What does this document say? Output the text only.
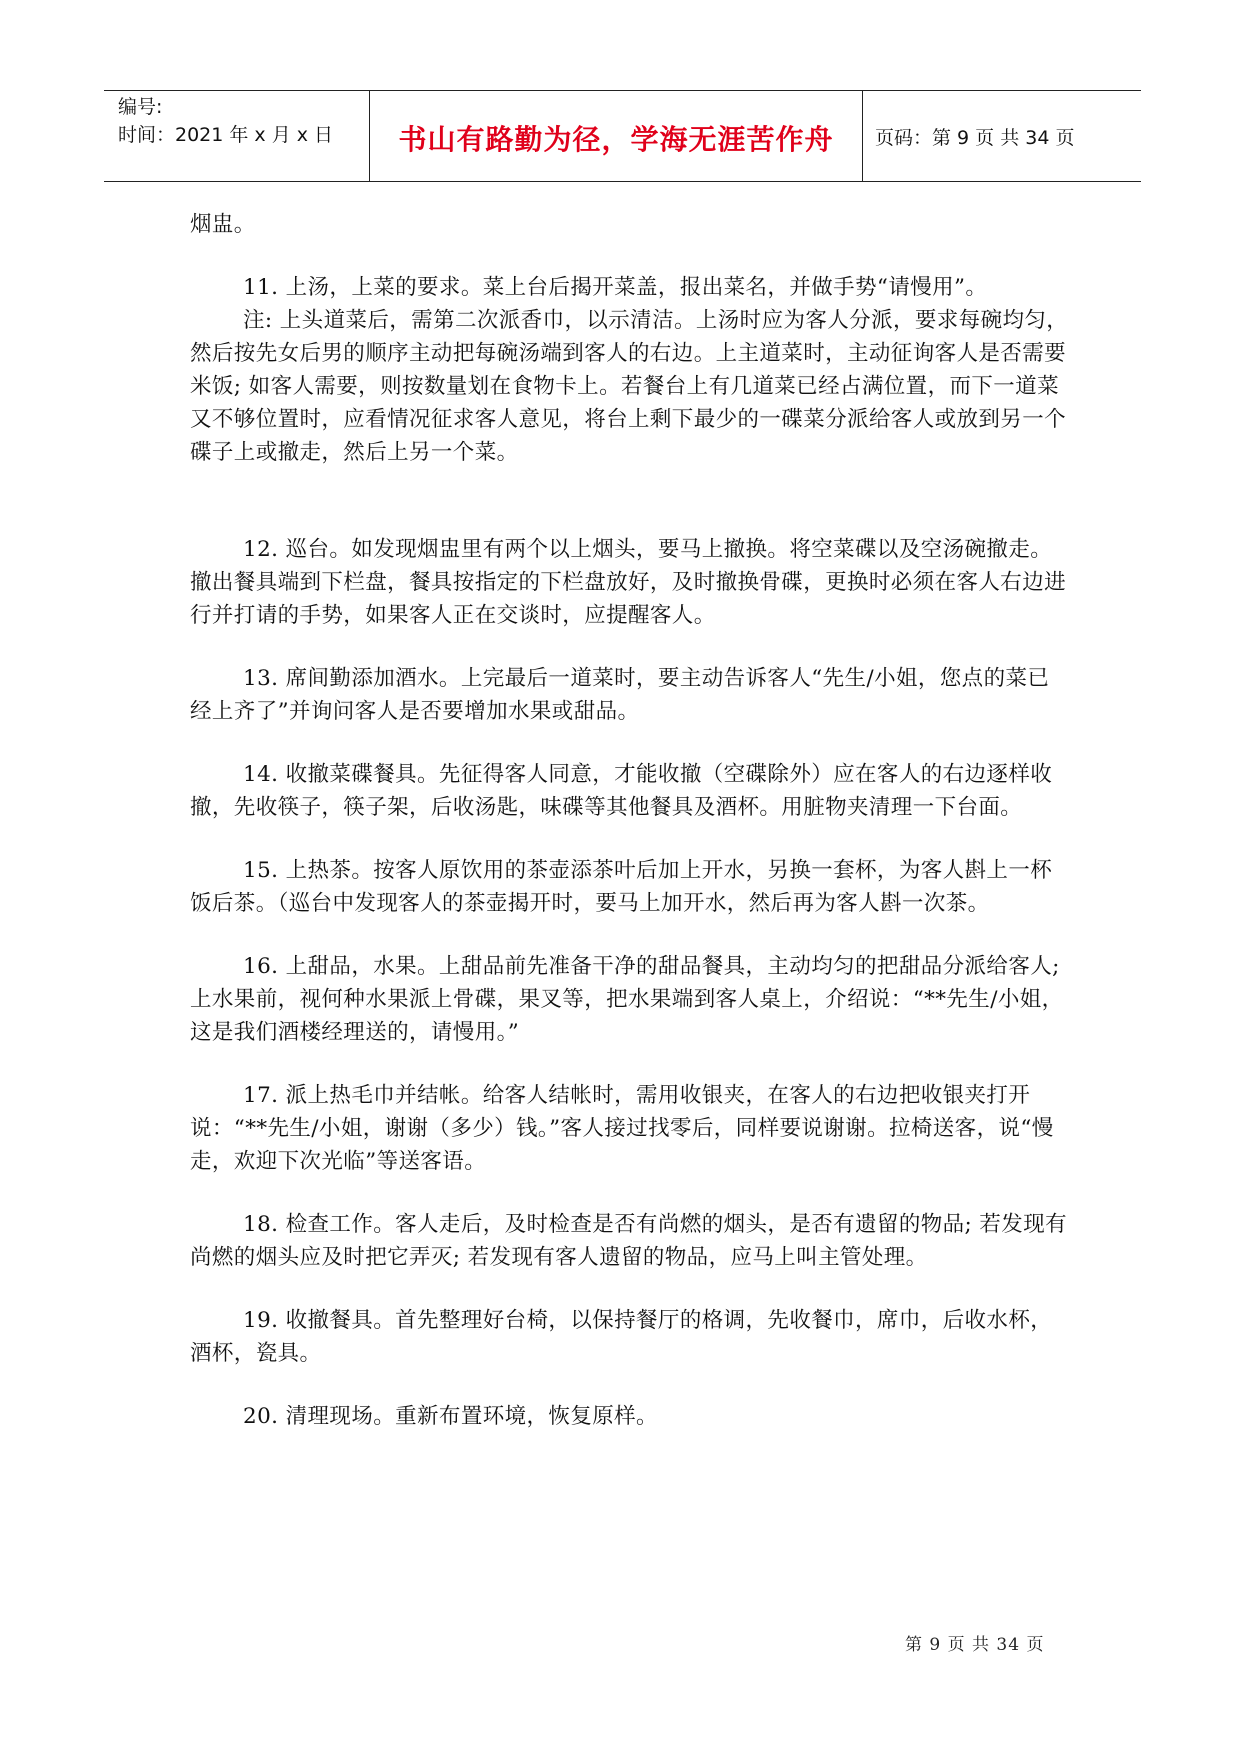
编号:
时间：2021 年 x 月 x 日	书山有路勤为径，学海无涯苦作舟 页码：第 9 页 共 34 页

烟盅。

11. 上汤，上菜的要求。菜上台后揭开菜盖，报出菜名，并做手势“请慢用”。

注: 上头道菜后，需第二次派香巾，以示清洁。上汤时应为客人分派，要求每碗均匀，然后按先女后男的顺序主动把每碗汤端到客人的右边。上主道菜时，主动征询客人是否需要米饭; 如客人需要，则按数量划在食物卡上。若餐台上有几道菜已经占满位置，而下一道菜又不够位置时，应看情况征求客人意见，将台上剩下最少的一碟菜分派给客人或放到另一个碟子上或撤走，然后上另一个菜。

12. 巡台。如发现烟盅里有两个以上烟头，要马上撤换。将空菜碟以及空汤碗撤走。撤出餐具端到下栏盘，餐具按指定的下栏盘放好，及时撤换骨碟，更换时必须在客人右边进行并打请的手势，如果客人正在交谈时，应提醒客人。

13. 席间勤添加酒水。上完最后一道菜时，要主动告诉客人“先生/小姐，您点的菜已经上齐了”并询问客人是否要增加水果或甜品。

14. 收撤菜碟餐具。先征得客人同意，才能收撤（空碟除外）应在客人的右边逐样收撤，先收筷子，筷子架，后收汤匙，味碟等其他餐具及酒杯。用脏物夹清理一下台面。

15. 上热茶。按客人原饮用的茶壶添茶叶后加上开水，另换一套杯，为客人斟上一杯饭后茶。（巡台中发现客人的茶壶揭开时，要马上加开水，然后再为客人斟一次茶。

16. 上甜品，水果。上甜品前先准备干净的甜品餐具，主动均匀的把甜品分派给客人; 上水果前，视何种水果派上骨碟，果叉等，把水果端到客人桌上，介绍说：“**先生/小姐，这是我们酒楼经理送的，请慢用。”

17. 派上热毛巾并结帐。给客人结帐时，需用收银夹，在客人的右边把收银夹打开说：“**先生/小姐，谢谢（多少）钱。”客人接过找零后，同样要说谢谢。拉椅送客，说“慢走，欢迎下次光临”等送客语。

18. 检查工作。客人走后，及时检查是否有尚燃的烟头，是否有遗留的物品; 若发现有尚燃的烟头应及时把它弄灭; 若发现有客人遗留的物品，应马上叫主管处理。

19. 收撤餐具。首先整理好台椅，以保持餐厅的格调，先收餐巾，席巾，后收水杯，酒杯，瓷具。

20. 清理现场。重新布置环境，恢复原样。

第 9 页 共 34 页
